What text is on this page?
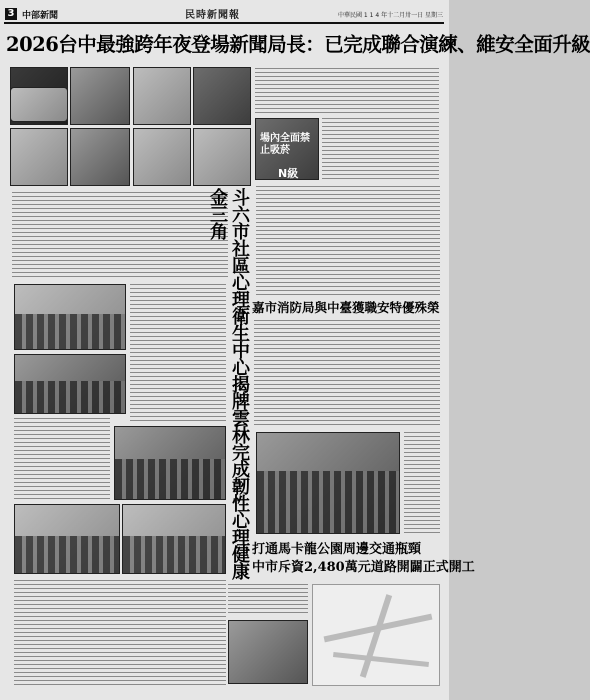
3 中部新聞	民時新聞報	中華民國 1 1 4 年十二月卅一日 星期三
2026台中最強跨年夜登場新聞局長：已完成聯合演練、維安全面升級
場內全面禁止吸菸
N級
斗六市社區心理衛生中心揭牌雲林完成韌性心理健康金三角
嘉市消防局與中臺獲職安特優殊榮
打通馬卡龍公園周邊交通瓶頸
中市斥資2,480萬元道路開闢正式開工
